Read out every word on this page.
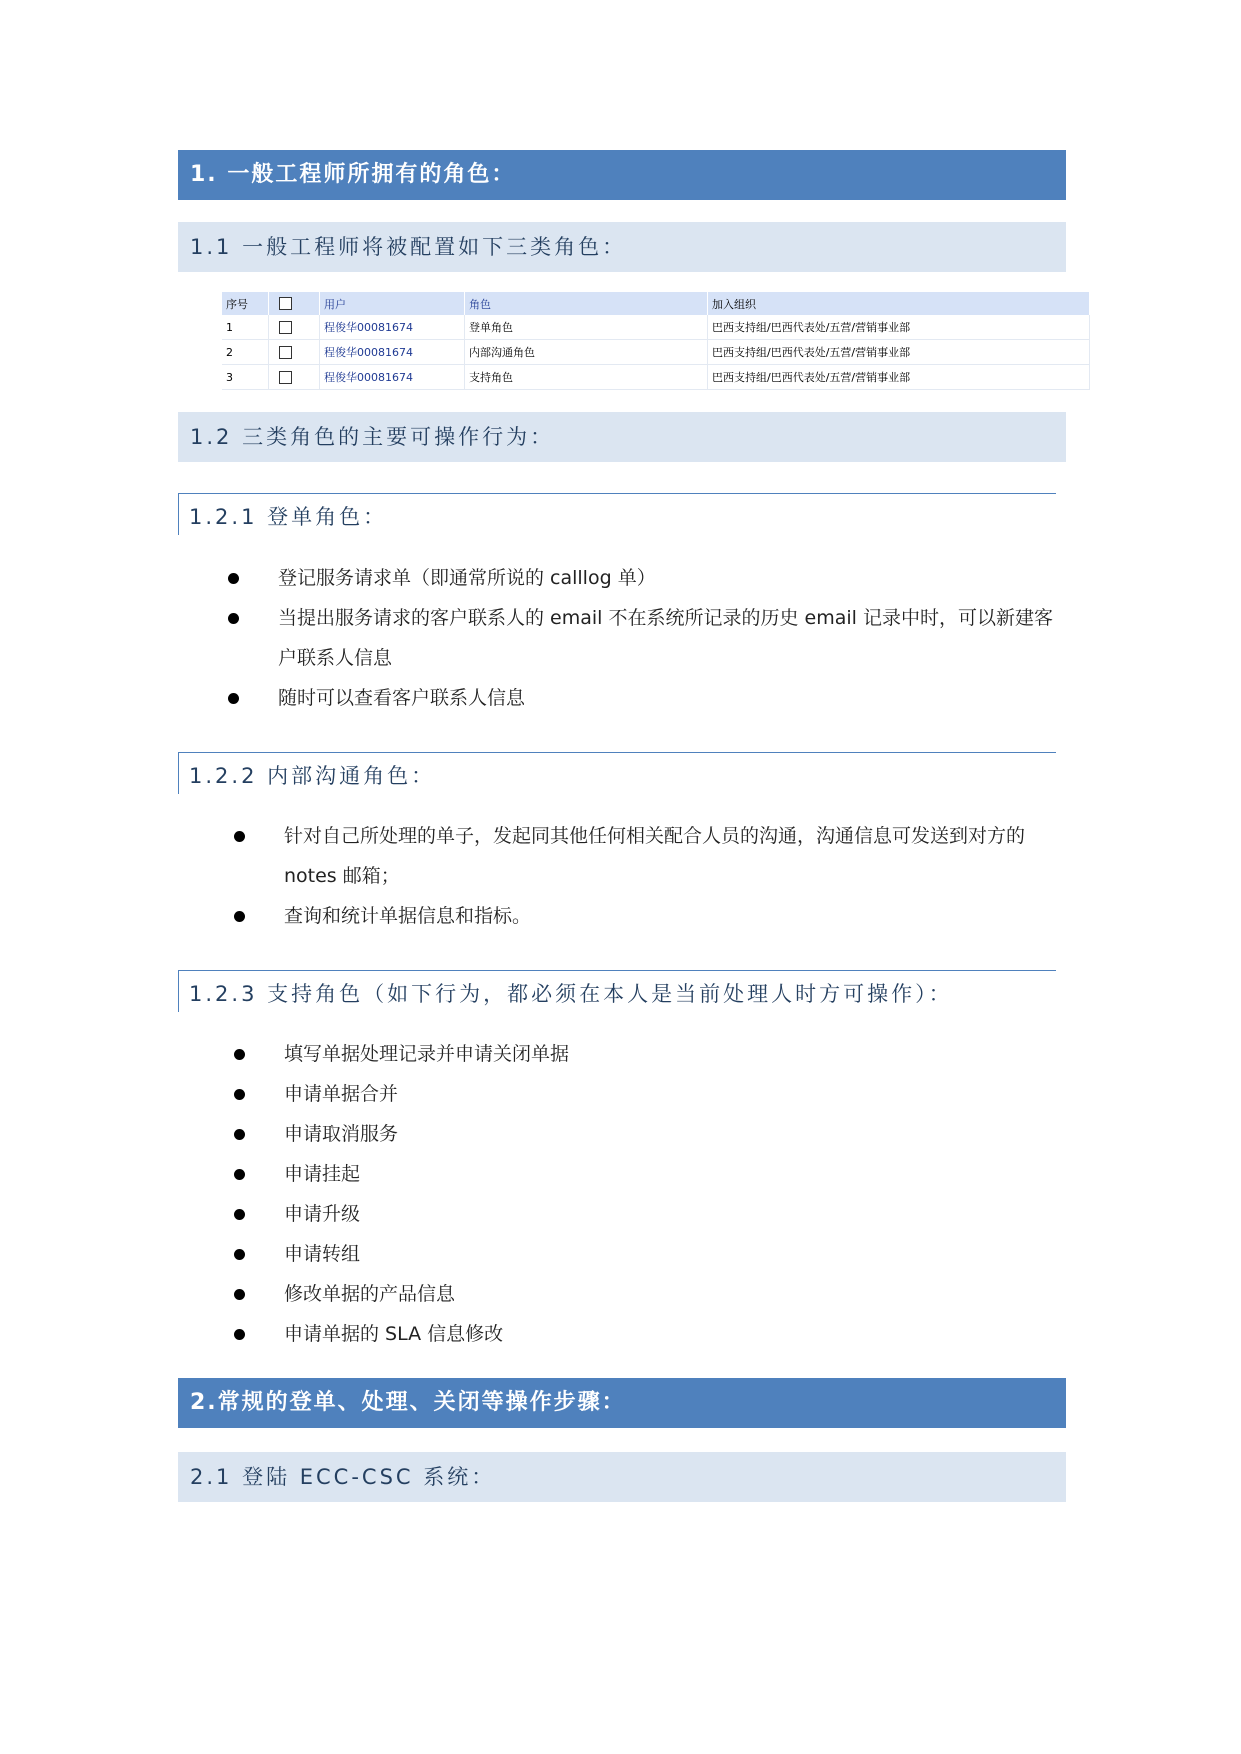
1. 一般工程师所拥有的角色：
1.1 一般工程师将被配置如下三类角色：
序号		用户	角色	加入组织
1		程俊华00081674	登单角色	巴西支持组/巴西代表处/五营/营销事业部
2		程俊华00081674	内部沟通角色	巴西支持组/巴西代表处/五营/营销事业部
3		程俊华00081674	支持角色	巴西支持组/巴西代表处/五营/营销事业部
1.2 三类角色的主要可操作行为：
1.2.1 登单角色：
登记服务请求单（即通常所说的 calllog 单）
当提出服务请求的客户联系人的 email 不在系统所记录的历史 email 记录中时，可以新建客户联系人信息
随时可以查看客户联系人信息
1.2.2 内部沟通角色：
针对自己所处理的单子，发起同其他任何相关配合人员的沟通，沟通信息可发送到对方的 notes 邮箱；
查询和统计单据信息和指标。
1.2.3 支持角色（如下行为，都必须在本人是当前处理人时方可操作）：
填写单据处理记录并申请关闭单据
申请单据合并
申请取消服务
申请挂起
申请升级
申请转组
修改单据的产品信息
申请单据的 SLA 信息修改
2.常规的登单、处理、关闭等操作步骤：
2.1 登陆 ECC-CSC 系统：
